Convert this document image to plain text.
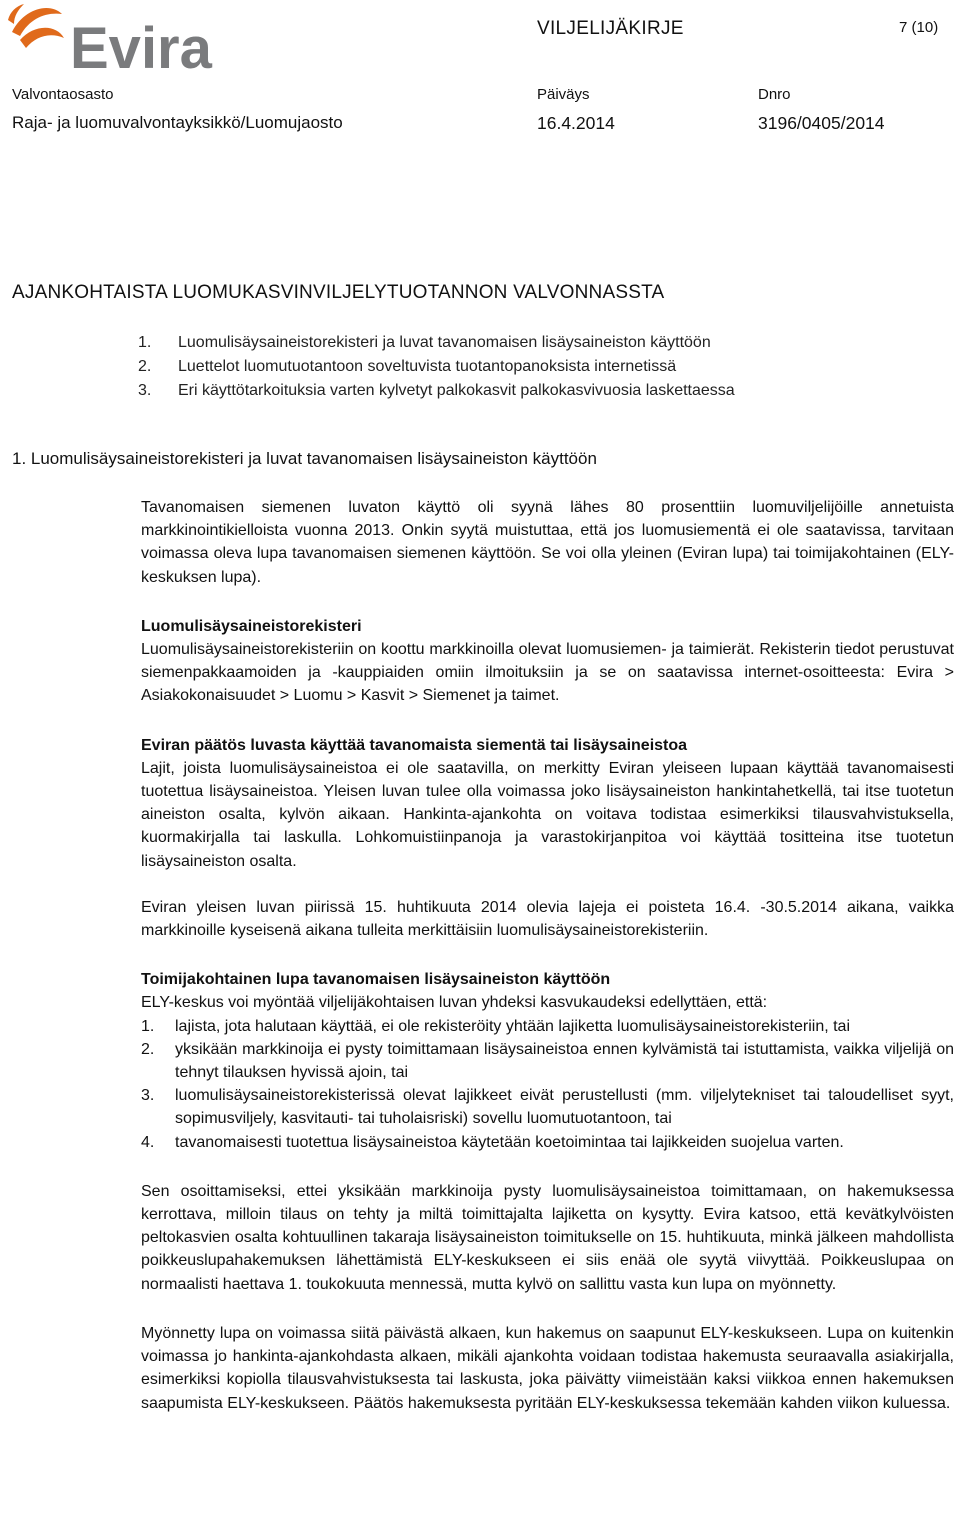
Evira	VILJELIJÄKIRJE	7 (10)
Valvontaosasto	Päiväys	Dnro
Raja- ja luomuvalvontayksikkö/Luomujaosto	16.4.2014	3196/0405/2014
AJANKOHTAISTA LUOMUKASVINVILJELYTUOTANNON VALVONNASSTA
1. Luomulisäysaineistorekisteri ja luvat tavanomaisen lisäysaineiston käyttöön
2. Luettelot luomutuotantoon soveltuvista tuotantopanoksista internetissä
3. Eri käyttötarkoituksia varten kylvetyt palkokasvit palkokasvivuosia laskettaessa
1. Luomulisäysaineistorekisteri ja luvat tavanomaisen lisäysaineiston käyttöön

Tavanomaisen siemenen luvaton käyttö oli syynä lähes 80 prosenttiin luomuviljelijöille annetuista markkinointikielloista vuonna 2013. Onkin syytä muistuttaa, että jos luomusiementä ei ole saatavissa, tarvitaan voimassa oleva lupa tavanomaisen siemenen käyttöön. Se voi olla yleinen (Eviran lupa) tai toimijakohtainen (ELY-keskuksen lupa).

Luomulisäysaineistorekisteri

Luomulisäysaineistorekisteriin on koottu markkinoilla olevat luomusiemen- ja taimierät. Rekisterin tiedot perustuvat siemenpakkaamoiden ja -kauppiaiden omiin ilmoituksiin ja se on saatavissa internet-osoitteesta: Evira > Asiakokonaisuudet > Luomu > Kasvit > Siemenet ja taimet.

Eviran päätös luvasta käyttää tavanomaista siementä tai lisäysaineistoa

Lajit, joista luomulisäysaineistoa ei ole saatavilla, on merkitty Eviran yleiseen lupaan käyttää tavanomaisesti tuotettua lisäysaineistoa. Yleisen luvan tulee olla voimassa joko lisäysaineiston hankintahetkellä, tai itse tuotetun aineiston osalta, kylvön aikaan. Hankinta-ajankohta on voitava todistaa esimerkiksi tilausvahvistuksella, kuormakirjalla tai laskulla. Lohkomuistiinpanoja ja varastokirjanpitoa voi käyttää tositteina itse tuotetun lisäysaineiston osalta.

Eviran yleisen luvan piirissä 15. huhtikuuta 2014 olevia lajeja ei poisteta 16.4. -30.5.2014 aikana, vaikka markkinoille kyseisenä aikana tulleita merkittäisiin luomulisäysaineistorekisteriin.

Toimijakohtainen lupa tavanomaisen lisäysaineiston käyttöön

ELY-keskus voi myöntää viljelijäkohtaisen luvan yhdeksi kasvukaudeksi edellyttäen, että:

1.	lajista, jota halutaan käyttää, ei ole rekisteröity yhtään lajiketta luomulisäysaineistorekisteriin, tai
2.	yksikään markkinoija ei pysty toimittamaan lisäysaineistoa ennen kylvämistä tai istuttamista, vaikka viljelijä on tehnyt tilauksen hyvissä ajoin, tai
3.	luomulisäysaineistorekisterissä olevat lajikkeet eivät perustellusti (mm. viljelytekniset tai taloudelliset syyt, sopimusviljely, kasvitauti- tai tuholaisriski) sovellu luomutuotantoon, tai
4.	tavanomaisesti tuotettua lisäysaineistoa käytetään koetoimintaa tai lajikkeiden suojelua varten.

Sen osoittamiseksi, ettei yksikään markkinoija pysty luomulisäysaineistoa toimittamaan, on hakemuksessa kerrottava, milloin tilaus on tehty ja miltä toimittajalta lajiketta on kysytty. Evira katsoo, että kevätkylvöisten peltokasvien osalta kohtuullinen takaraja lisäysaineiston toimitukselle on 15. huhtikuuta, minkä jälkeen mahdollista poikkeuslupahakemuksen lähettämistä ELY-keskukseen ei siis enää ole syytä viivyttää. Poikkeuslupaa on normaalisti haettava 1. toukokuuta mennessä, mutta kylvö on sallittu vasta kun lupa on myönnetty.

Myönnetty lupa on voimassa siitä päivästä alkaen, kun hakemus on saapunut ELY-keskukseen. Lupa on kuitenkin voimassa jo hankinta-ajankohdasta alkaen, mikäli ajankohta voidaan todistaa hakemusta seuraavalla asiakirjalla, esimerkiksi kopiolla tilausvahvistuksesta tai laskusta, joka päivätty viimeistään kaksi viikkoa ennen hakemuksen saapumista ELY-keskukseen. Päätös hakemuksesta pyritään ELY-keskuksessa tekemään kahden viikon kuluessa.
